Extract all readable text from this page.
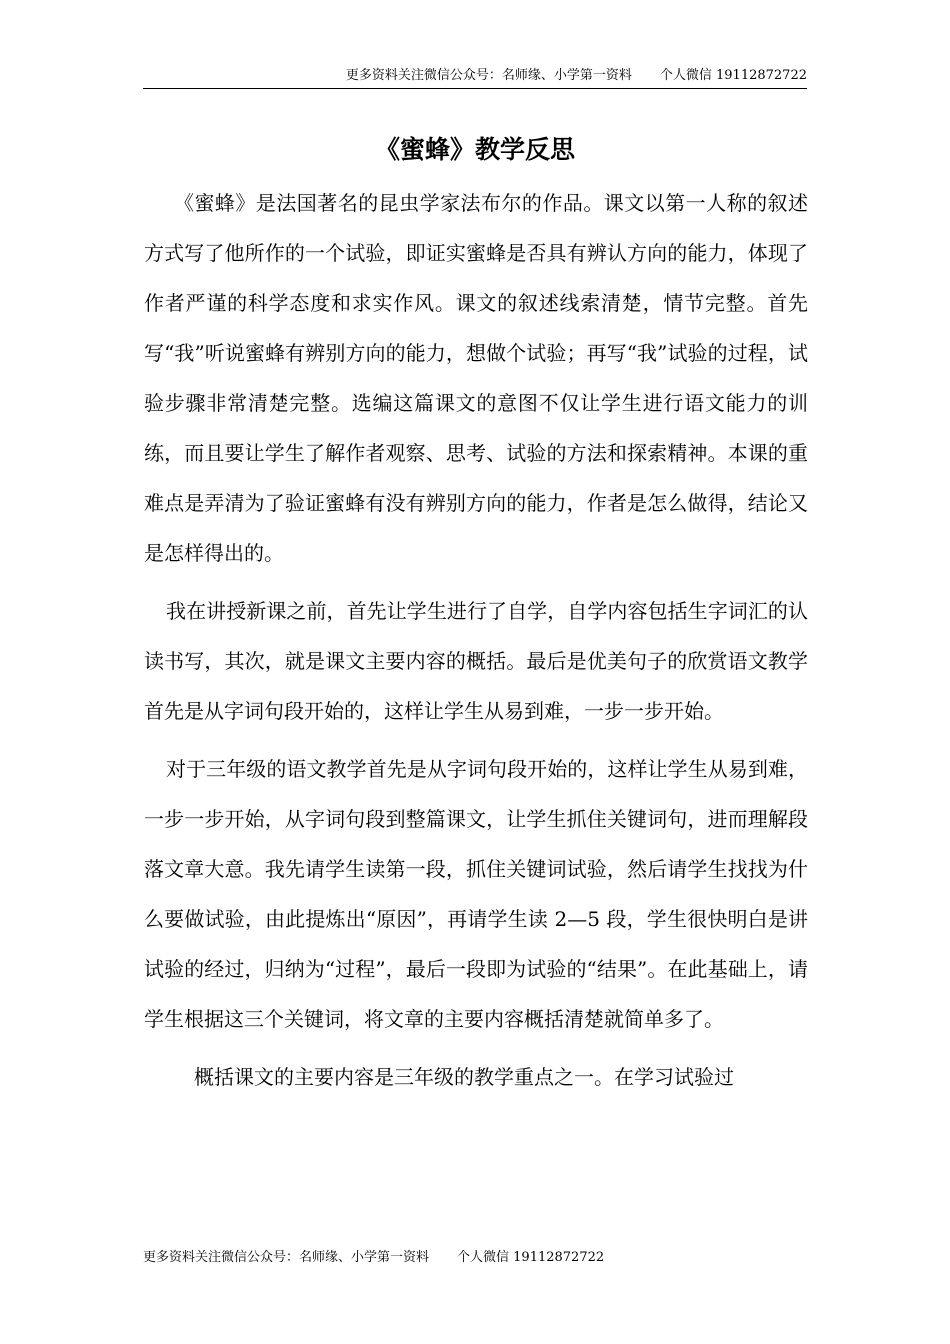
更多资料关注微信公众号：名师缘、小学第一资料 个人微信 19112872722
《蜜蜂》教学反思

《蜜蜂》是法国著名的昆虫学家法布尔的作品。课文以第一人称的叙述方式写了他所作的一个试验，即证实蜜蜂是否具有辨认方向的能力，体现了作者严谨的科学态度和求实作风。课文的叙述线索清楚，情节完整。首先写“我”听说蜜蜂有辨别方向的能力，想做个试验；再写“我”试验的过程，试验步骤非常清楚完整。选编这篇课文的意图不仅让学生进行语文能力的训练，而且要让学生了解作者观察、思考、试验的方法和探索精神。本课的重难点是弄清为了验证蜜蜂有没有辨别方向的能力，作者是怎么做得，结论又是怎样得出的。

我在讲授新课之前，首先让学生进行了自学，自学内容包括生字词汇的认读书写，其次，就是课文主要内容的概括。最后是优美句子的欣赏语文教学首先是从字词句段开始的，这样让学生从易到难，一步一步开始。

对于三年级的语文教学首先是从字词句段开始的，这样让学生从易到难，一步一步开始，从字词句段到整篇课文，让学生抓住关键词句，进而理解段落文章大意。我先请学生读第一段，抓住关键词试验，然后请学生找找为什么要做试验，由此提炼出“原因”，再请学生读 2—5 段，学生很快明白是讲试验的经过，归纳为“过程”，最后一段即为试验的“结果”。在此基础上，请学生根据这三个关键词，将文章的主要内容概括清楚就简单多了。

概括课文的主要内容是三年级的教学重点之一。在学习试验过

更多资料关注微信公众号：名师缘、小学第一资料 个人微信 19112872722
